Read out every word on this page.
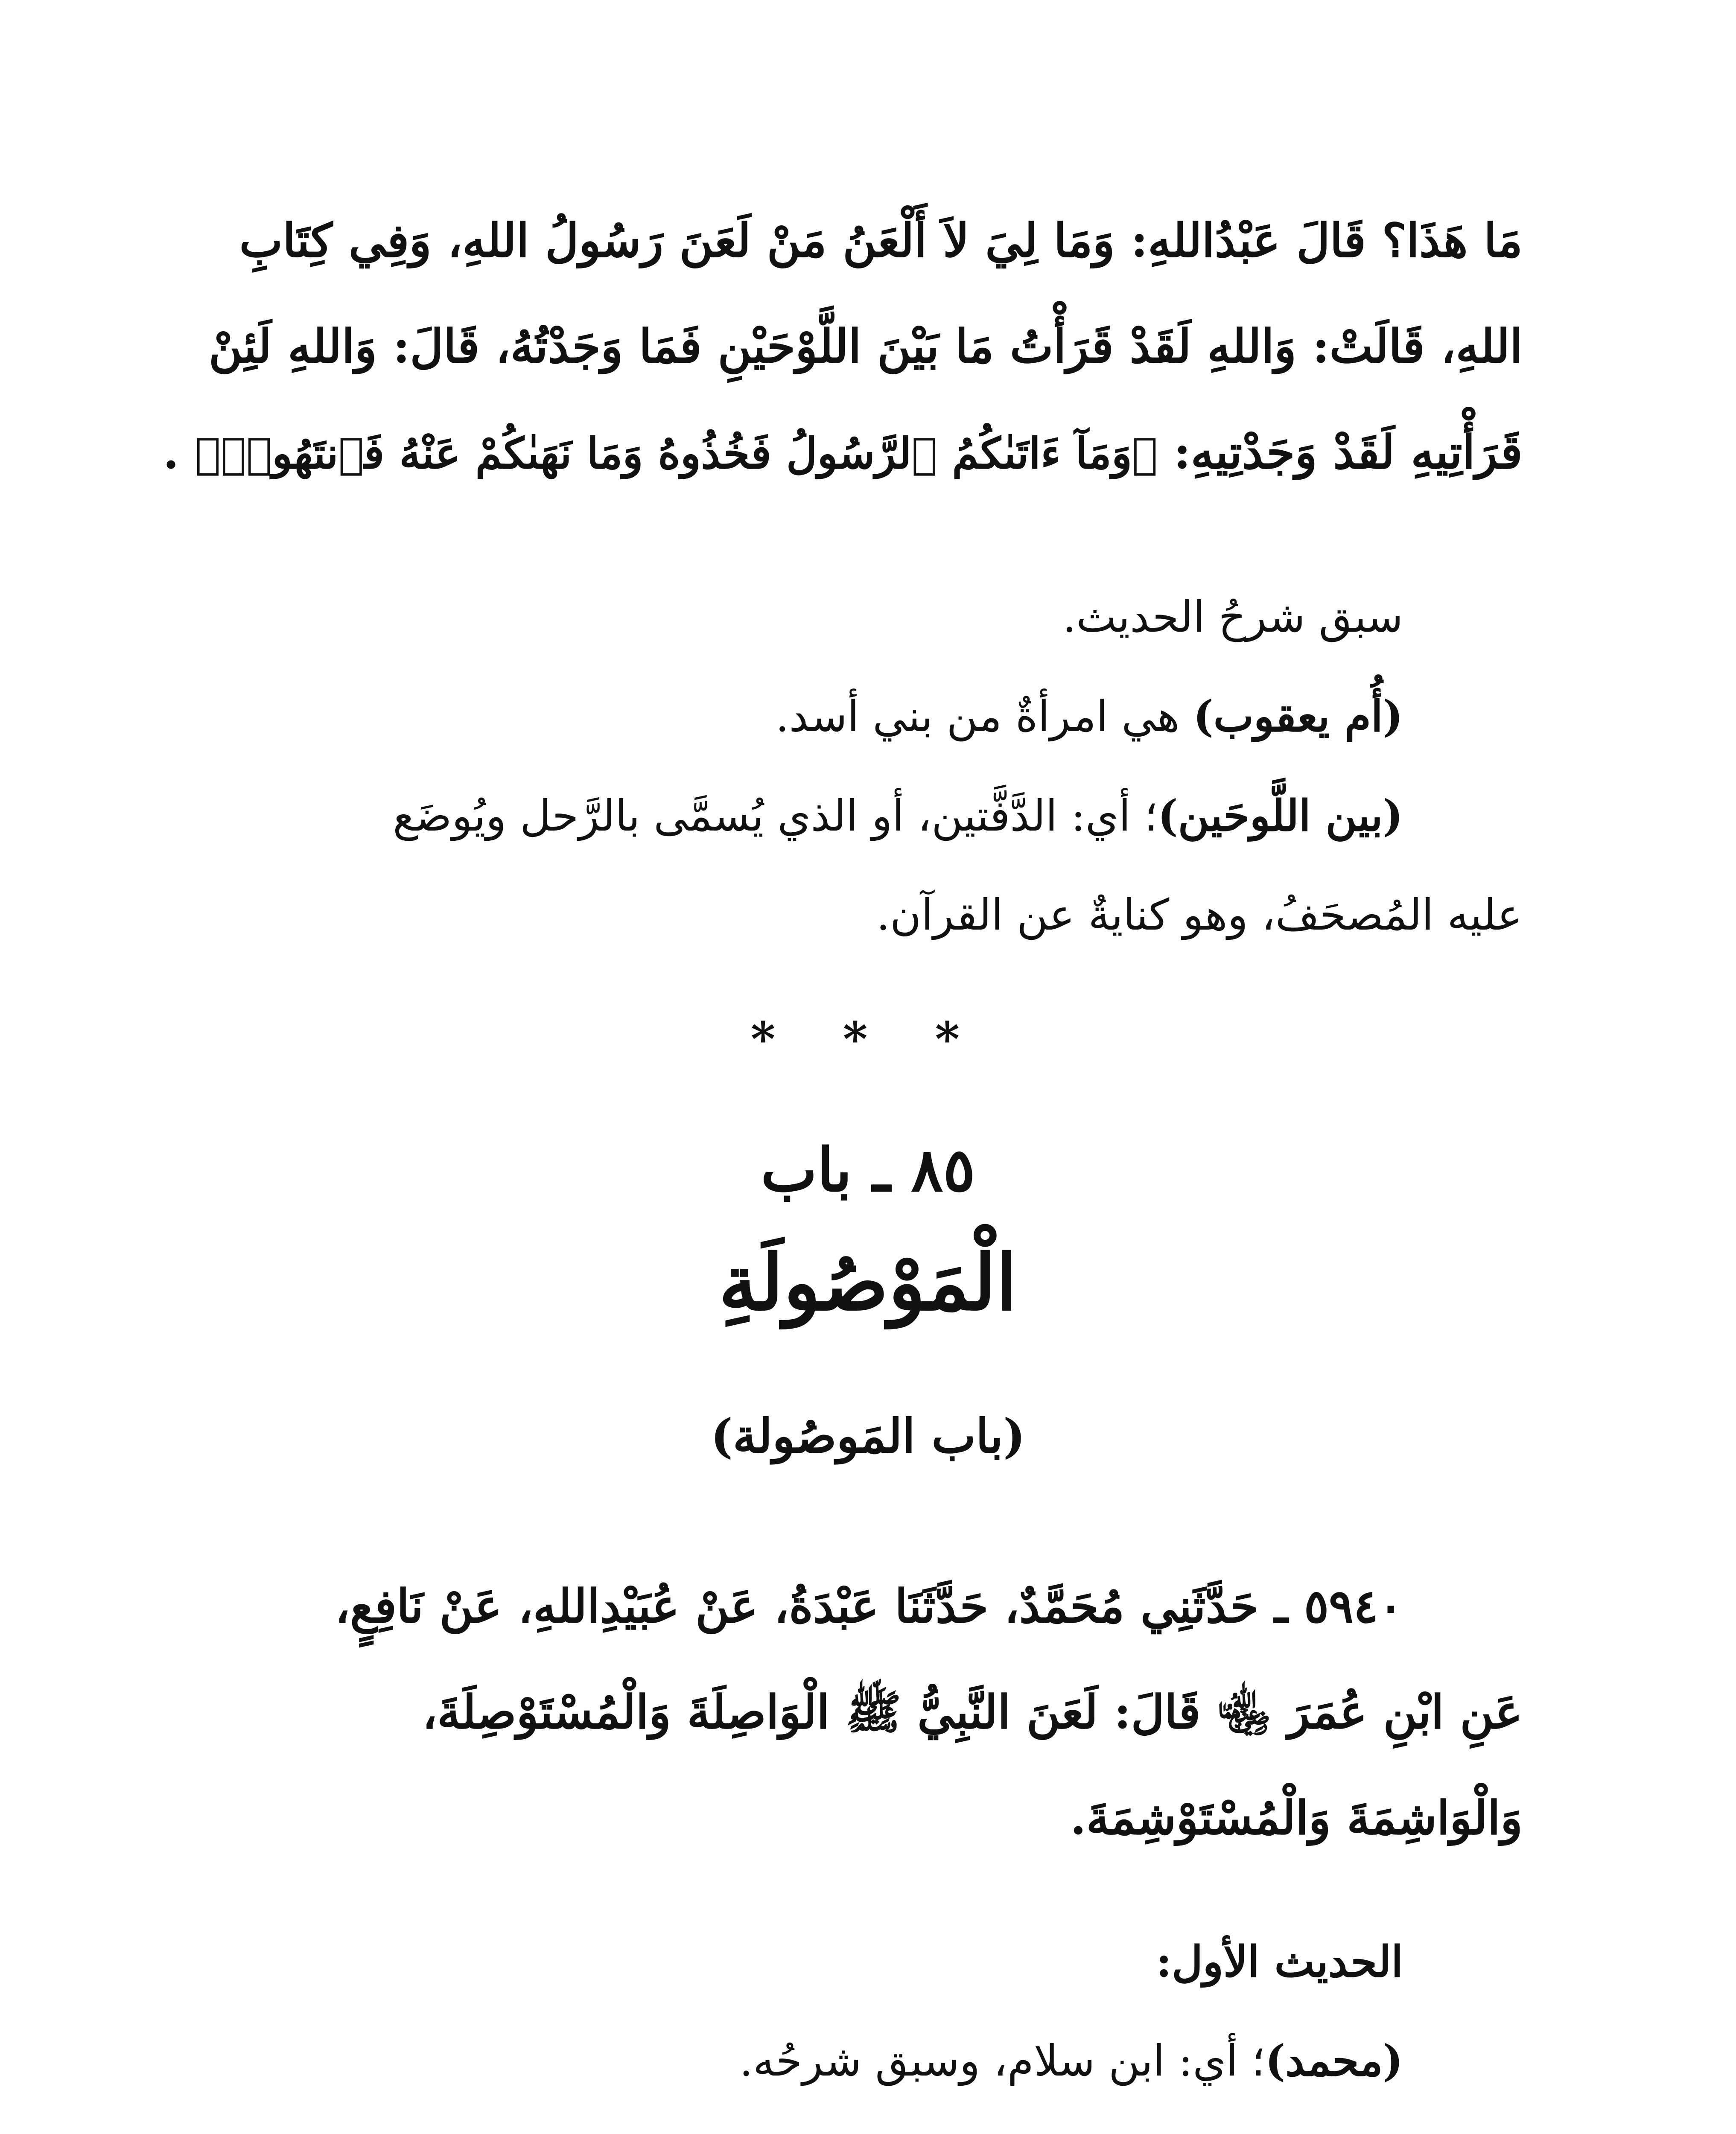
مَا هَذَا؟ قَالَ عَبْدُاللهِ: وَمَا لِيَ لاَ أَلْعَنُ مَنْ لَعَنَ رَسُولُ اللهِ، وَفِي كِتَابِ
اللهِ، قَالَتْ: وَاللهِ لَقَدْ قَرَأْتُ مَا بَيْنَ اللَّوْحَيْنِ فَمَا وَجَدْتُهُ، قَالَ: وَاللهِ لَئِنْ
قَرَأْتِيهِ لَقَدْ وَجَدْتِيهِ: ﴿وَمَآ ءَاتَىٰكُمُ ٱلرَّسُولُ فَخُذُوهُ وَمَا نَهَىٰكُمْ عَنْهُ فَٱنتَهُوا۟﴾ .
سبق شرحُ الحديث.
(أُم يعقوب) هي امرأةٌ من بني أسد.
(بين اللَّوحَين)؛ أي: الدَّفَّتين، أو الذي يُسمَّى بالرَّحل ويُوضَع
عليه المُصحَفُ، وهو كنايةٌ عن القرآن.
* * *
٨٥ ـ باب
الْمَوْصُولَةِ
(باب المَوصُولة)
٥٩٤٠ ـ حَدَّثَنِي مُحَمَّدٌ، حَدَّثَنَا عَبْدَةُ، عَنْ عُبَيْدِاللهِ، عَنْ نَافِعٍ،
عَنِ ابْنِ عُمَرَ ﵄ قَالَ: لَعَنَ النَّبِيُّ ﷺ الْوَاصِلَةَ وَالْمُسْتَوْصِلَةَ،
وَالْوَاشِمَةَ وَالْمُسْتَوْشِمَةَ.
الحديث الأول:
(محمد)؛ أي: ابن سلام، وسبق شرحُه.
